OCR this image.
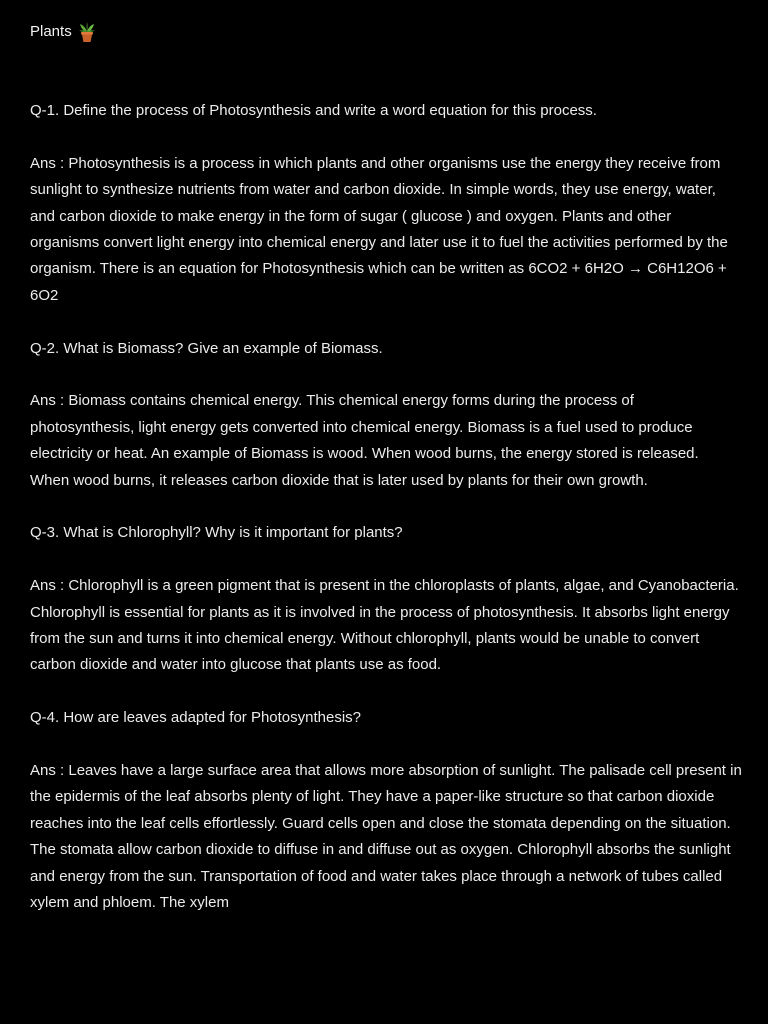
Plants

Q-1. Define the process of Photosynthesis and write a word equation for this process.

Ans : Photosynthesis is a process in which plants and other organisms use the energy they receive from sunlight to synthesize nutrients from water and carbon dioxide. In simple words, they use energy, water, and carbon dioxide to make energy in the form of sugar ( glucose ) and oxygen. Plants and other organisms convert light energy into chemical energy and later use it to fuel the activities performed by the organism. There is an equation for Photosynthesis which can be written as 6CO2 + 6H2O → C6H12O6 + 6O2

Q-2. What is Biomass? Give an example of Biomass.

Ans : Biomass contains chemical energy. This chemical energy forms during the process of photosynthesis, light energy gets converted into chemical energy. Biomass is a fuel used to produce electricity or heat. An example of Biomass is wood. When wood burns, the energy stored is released. When wood burns, it releases carbon dioxide that is later used by plants for their own growth.

Q-3. What is Chlorophyll? Why is it important for plants?

Ans : Chlorophyll is a green pigment that is present in the chloroplasts of plants, algae, and Cyanobacteria. Chlorophyll is essential for plants as it is involved in the process of photosynthesis. It absorbs light energy from the sun and turns it into chemical energy. Without chlorophyll, plants would be unable to convert carbon dioxide and water into glucose that plants use as food.

Q-4. How are leaves adapted for Photosynthesis?

Ans : Leaves have a large surface area that allows more absorption of sunlight. The palisade cell present in the epidermis of the leaf absorbs plenty of light. They have a paper-like structure so that carbon dioxide reaches into the leaf cells effortlessly. Guard cells open and close the stomata depending on the situation. The stomata allow carbon dioxide to diffuse in and diffuse out as oxygen. Chlorophyll absorbs the sunlight and energy from the sun. Transportation of food and water takes place through a network of tubes called xylem and phloem. The xylem
